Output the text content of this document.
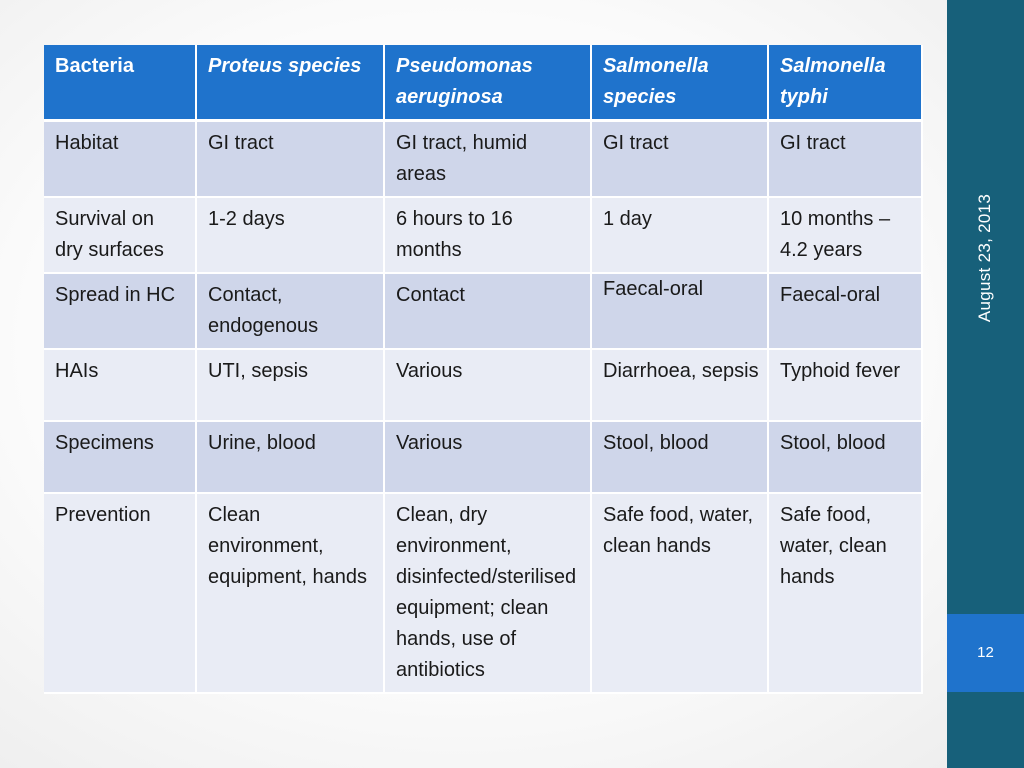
Bacteria	Proteus species	Pseudomonas aeruginosa	Salmonella species	Salmonella typhi
Habitat	GI tract	GI tract, humid areas	GI tract	GI tract
Survival on dry surfaces	1-2 days	6 hours to 16 months	1 day	10 months – 4.2 years
Spread in HC	Contact, endogenous	Contact	Faecal-oral	Faecal-oral
HAIs	UTI, sepsis	Various	Diarrhoea, sepsis	Typhoid fever
Specimens	Urine, blood	Various	Stool, blood	Stool, blood
Prevention	Clean environment, equipment, hands	Clean, dry environment, disinfected/sterilised equipment; clean hands, use of antibiotics	Safe food, water, clean hands	Safe food, water, clean hands
August 23, 2013
12
